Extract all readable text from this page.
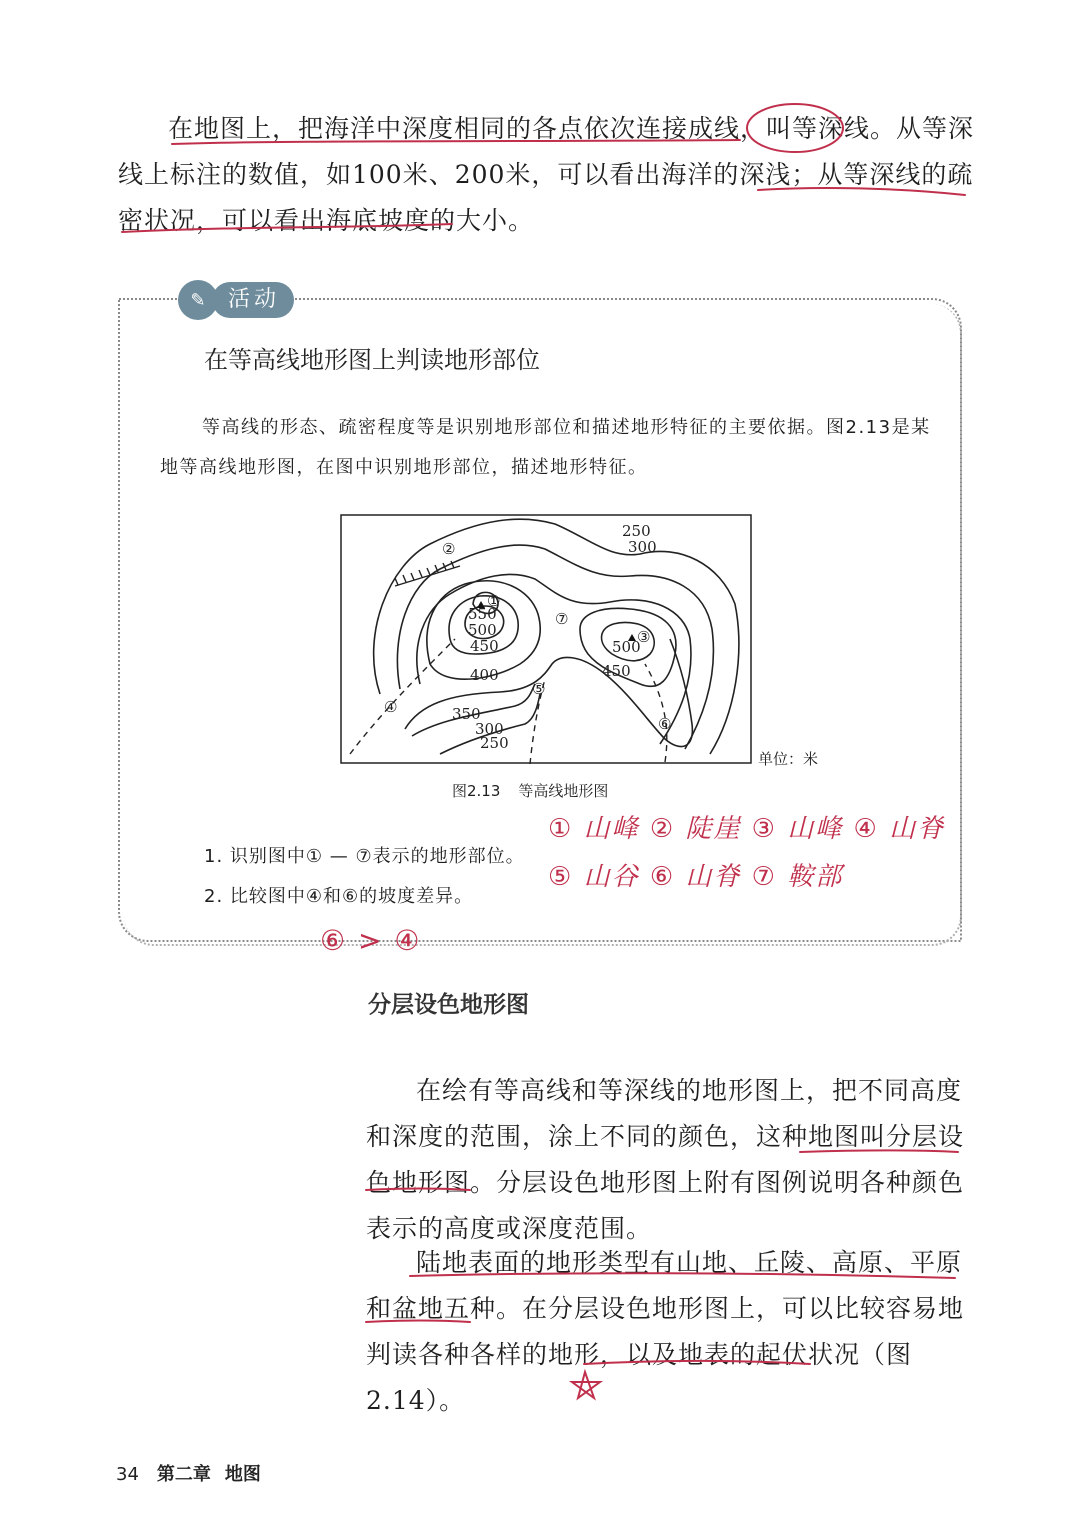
在地图上，把海洋中深度相同的各点依次连接成线，叫等深线。从等深线上标注的数值，如100米、200米，可以看出海洋的深浅；从等深线的疏密状况，可以看出海底坡度的大小。

✎	活动

在等高线地形图上判读地形部位

等高线的形态、疏密程度等是识别地形部位和描述地形特征的主要依据。图2.13是某地等高线地形图，在图中识别地形部位，描述地形特征。

250
300
550
500
450
400
350
300
250
500
450
①
②
③
④
⑤
⑥
⑦
单位：米
图2.13 等高线地形图

1. 识别图中① — ⑦表示的地形部位。

2. 比较图中④和⑥的坡度差异。

① 山峰 ② 陡崖 ③ 山峰 ④ 山脊
⑤ 山谷 ⑥ 山脊 ⑦ 鞍部
⑥ > ④
分层设色地形图

在绘有等高线和等深线的地形图上，把不同高度和深度的范围，涂上不同的颜色，这种地图叫分层设色地形图。分层设色地形图上附有图例说明各种颜色表示的高度或深度范围。

陆地表面的地形类型有山地、丘陵、高原、平原和盆地五种。在分层设色地形图上，可以比较容易地判读各种各样的地形，以及地表的起伏状况（图2.14）。

34 第二章 地图
